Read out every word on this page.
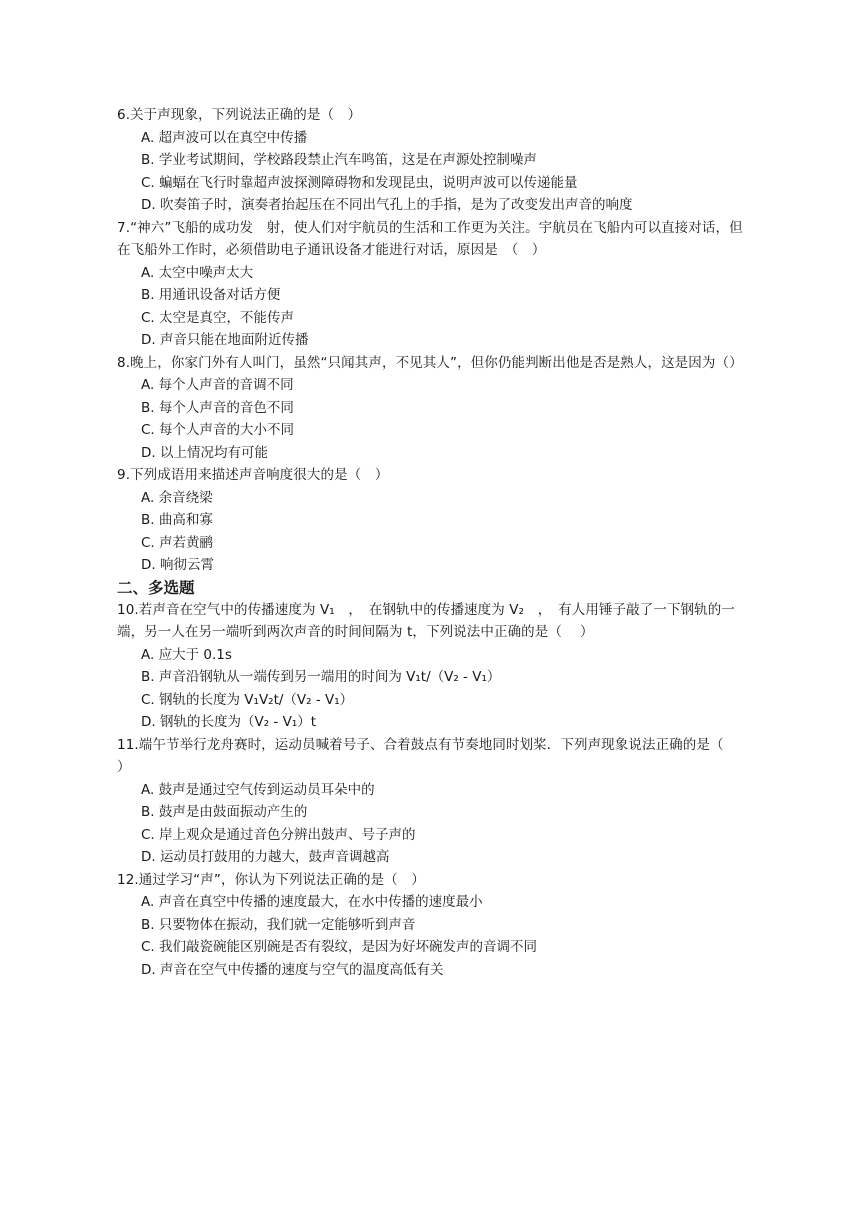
6.关于声现象，下列说法正确的是（　）

A. 超声波可以在真空中传播

B. 学业考试期间，学校路段禁止汽车鸣笛，这是在声源处控制噪声

C. 蝙蝠在飞行时靠超声波探测障碍物和发现昆虫，说明声波可以传递能量

D. 吹奏笛子时，演奏者抬起压在不同出气孔上的手指，是为了改变发出声音的响度

7.“神六”飞船的成功发　射，使人们对宇航员的生活和工作更为关注。宇航员在飞船内可以直接对话，但在飞船外工作时，必须借助电子通讯设备才能进行对话，原因是　（　）

A. 太空中噪声太大

B. 用通讯设备对话方便

C. 太空是真空，不能传声

D. 声音只能在地面附近传播

8.晚上，你家门外有人叫门，虽然“只闻其声，不见其人”，但你仍能判断出他是否是熟人，这是因为（）

A. 每个人声音的音调不同

B. 每个人声音的音色不同

C. 每个人声音的大小不同

D. 以上情况均有可能

9.下列成语用来描述声音响度很大的是（　）

A. 余音绕梁

B. 曲高和寡

C. 声若黄鹂

D. 响彻云霄

二、多选题

10.若声音在空气中的传播速度为 V₁　，　在钢轨中的传播速度为 V₂　，　有人用锤子敲了一下钢轨的一端，另一人在另一端听到两次声音的时间间隔为 t，下列说法中正确的是（　 ）

A. 应大于 0.1s

B. 声音沿钢轨从一端传到另一端用的时间为 V₁t/（V₂ - V₁）

C. 钢轨的长度为 V₁V₂t/（V₂ - V₁）

D. 钢轨的长度为（V₂ - V₁）t

11.端午节举行龙舟赛时，运动员喊着号子、合着鼓点有节奏地同时划桨．下列声现象说法正确的是（　 ）

A. 鼓声是通过空气传到运动员耳朵中的

B. 鼓声是由鼓面振动产生的

C. 岸上观众是通过音色分辨出鼓声、号子声的

D. 运动员打鼓用的力越大，鼓声音调越高

12.通过学习“声”，你认为下列说法正确的是（　）

A. 声音在真空中传播的速度最大，在水中传播的速度最小

B. 只要物体在振动，我们就一定能够听到声音

C. 我们敲瓷碗能区别碗是否有裂纹，是因为好坏碗发声的音调不同

D. 声音在空气中传播的速度与空气的温度高低有关
